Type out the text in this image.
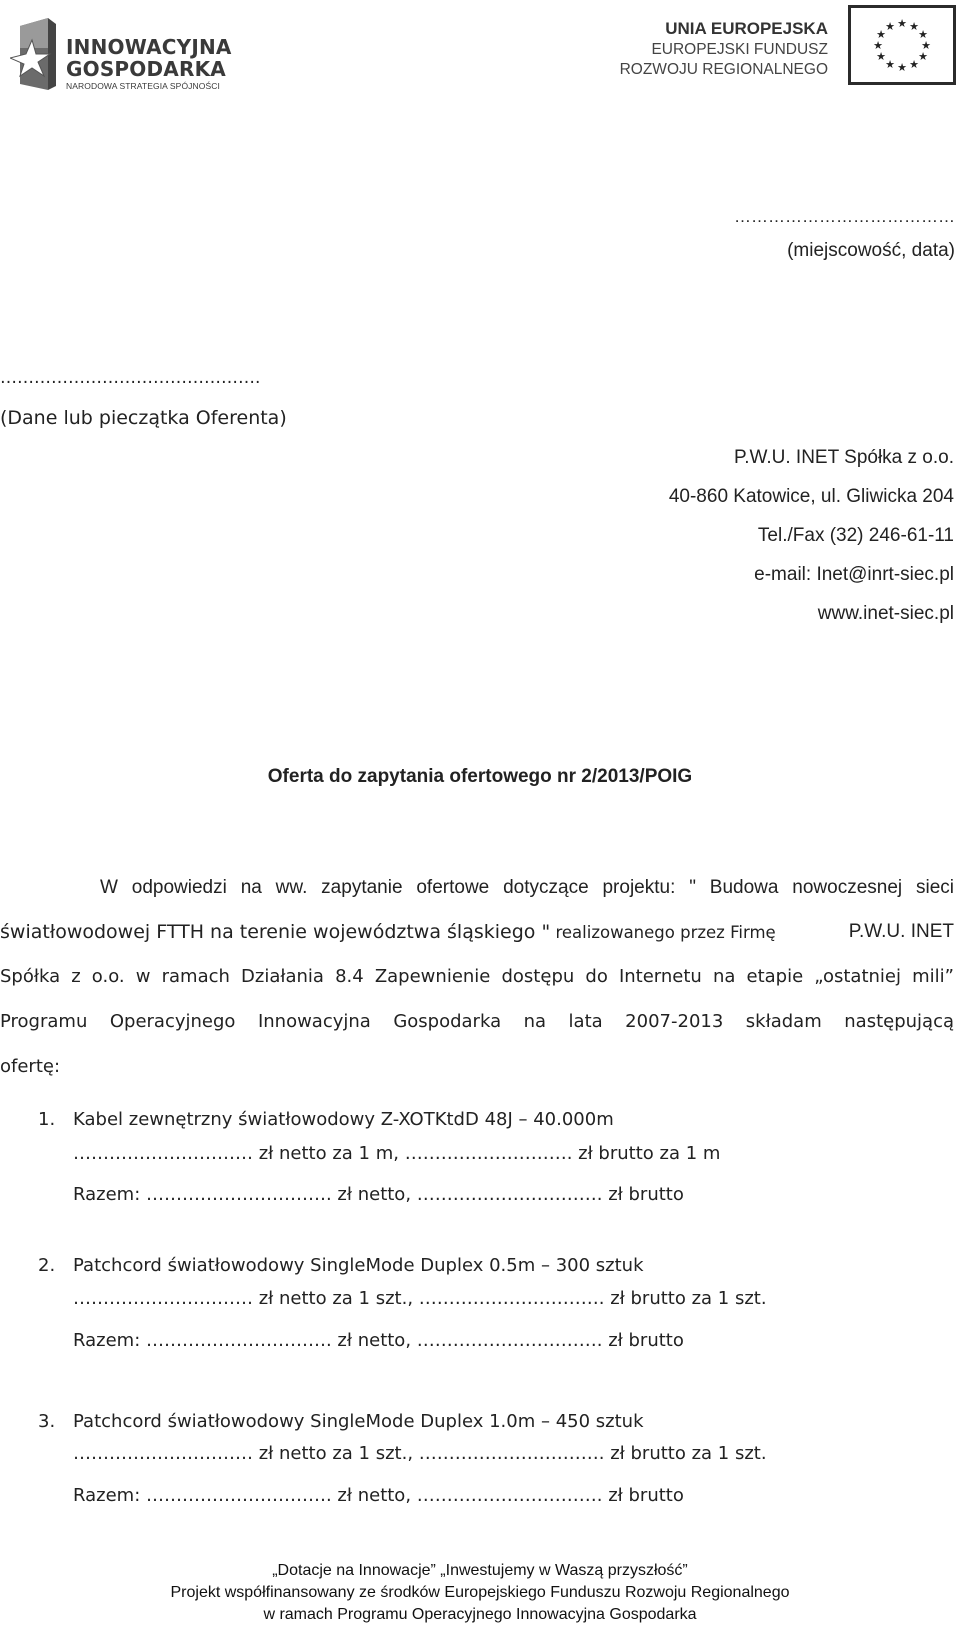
INNOWACYJNA
GOSPODARKA
NARODOWA STRATEGIA SPÓJNOŚCI
UNIA EUROPEJSKA
EUROPEJSKI FUNDUSZ
ROZWOJU REGIONALNEGO
★ ★
★
★
★
★
★
★
★
★
★
★
…………………………………
(miejscowość, data)
……………………………………….
(Dane lub pieczątka Oferenta)
P.W.U. INET Spółka z o.o.
40-860 Katowice, ul. Gliwicka 204
Tel./Fax (32) 246-61-11
e-mail: Inet@inrt-siec.pl
www.inet-siec.pl
Oferta do zapytania ofertowego nr 2/2013/POIG
W odpowiedzi na ww. zapytanie ofertowe dotyczące projektu: " Budowa nowoczesnej sieci
światłowodowej FTTH na terenie województwa śląskiego " realizowanego przez Firmę	P.W.U. INET
Spółka z o.o. w ramach Działania 8.4 Zapewnienie dostępu do Internetu na etapie „ostatniej mili”
Programu Operacyjnego Innowacyjna Gospodarka na lata 2007-2013 składam następującą
ofertę:
1. Kabel zewnętrzny światłowodowy Z-XOTKtdD 48J – 40.000m
………………………… zł netto za 1 m, ………………………. zł brutto za 1 m
Razem: …………………………. zł netto, …………………………. zł brutto
2. Patchcord światłowodowy SingleMode Duplex 0.5m – 300 sztuk
………………………… zł netto za 1 szt., …………………………. zł brutto za 1 szt.
Razem: …………………………. zł netto, …………………………. zł brutto
3. Patchcord światłowodowy SingleMode Duplex 1.0m – 450 sztuk
………………………… zł netto za 1 szt., …………………………. zł brutto za 1 szt.
Razem: …………………………. zł netto, …………………………. zł brutto
„Dotacje na Innowacje” „Inwestujemy w Waszą przyszłość”
Projekt współfinansowany ze środków Europejskiego Funduszu Rozwoju Regionalnego
w ramach Programu Operacyjnego Innowacyjna Gospodarka
